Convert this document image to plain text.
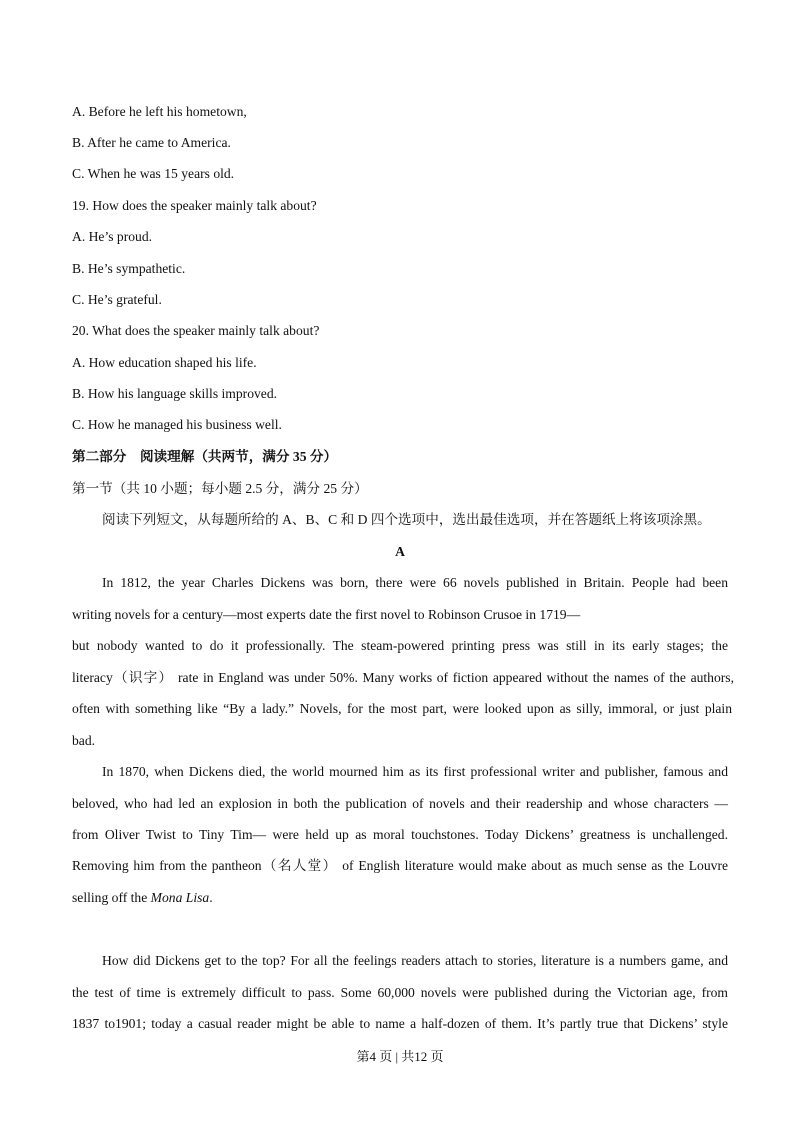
A. Before he left his hometown,
B. After he came to America.
C. When he was 15 years old.
19. How does the speaker mainly talk about?
A. He’s proud.
B. He’s sympathetic.
C. He’s grateful.
20. What does the speaker mainly talk about?
A. How education shaped his life.
B. How his language skills improved.
C. How he managed his business well.
第二部分　阅读理解（共两节，满分 35 分）
第一节（共 10 小题；每小题 2.5 分，满分 25 分）
阅读下列短文，从每题所给的 A、B、C 和 D 四个选项中，选出最佳选项，并在答题纸上将该项涂黑。
A
In 1812, the year Charles Dickens was born, there were 66 novels published in Britain. People had been
writing novels for a century—most experts date the first novel to Robinson Crusoe in 1719—
but nobody wanted to do it professionally. The steam-powered printing press was still in its early stages; the
literacy（识字） rate in England was under 50%. Many works of fiction appeared without the names of the authors,
often with something like “By a lady.” Novels, for the most part, were looked upon as silly, immoral, or just plain
bad.
In 1870, when Dickens died, the world mourned him as its first professional writer and publisher, famous and
beloved, who had led an explosion in both the publication of novels and their readership and whose characters —
from Oliver Twist to Tiny Tim— were held up as moral touchstones. Today Dickens’ greatness is unchallenged.
Removing him from the pantheon（名人堂） of English literature would make about as much sense as the Louvre
selling off the Mona Lisa.
How did Dickens get to the top? For all the feelings readers attach to stories, literature is a numbers game, and
the test of time is extremely difficult to pass. Some 60,000 novels were published during the Victorian age, from
1837 to1901; today a casual reader might be able to name a half-dozen of them. It’s partly true that Dickens’ style
第4 页 | 共12 页
